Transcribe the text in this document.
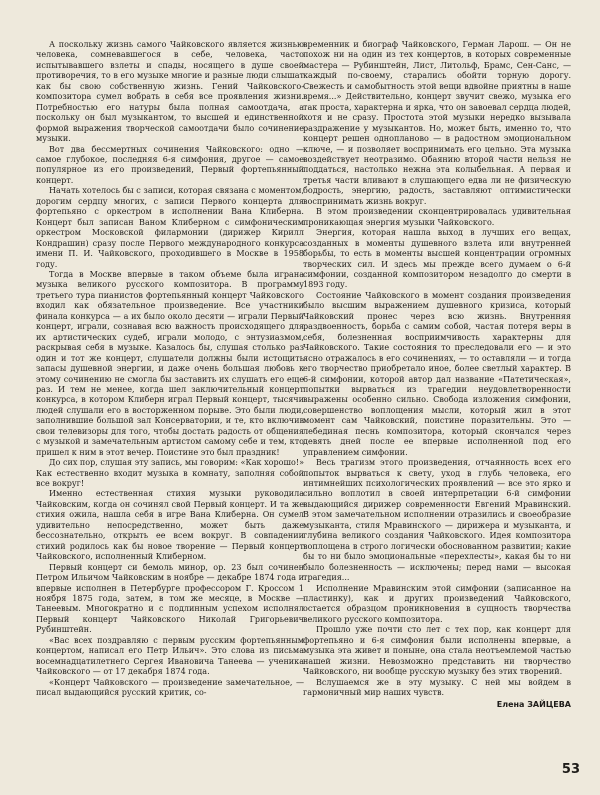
А поскольку жизнь самого Чайковского является жизнью человека, сомневавшегося в себе, человека, часто испытывавшего взлеты и спады, носящего в душе своей противоречия, то в его музыке многие и разные люди слышат как бы свою собственную жизнь. Гений Чайковского-композитора сумел вобрать в себя все проявления жизни. Потребностью его натуры была полная самоотдача, а поскольку он был музыкантом, то высшей и единственной формой выражения творческой самоотдачи было сочинение музыки.

Вот два бессмертных сочинения Чайковского: одно — самое глубокое, последняя 6-я симфония, другое — самое популярное из его произведений, Первый фортепьянный концерт.

Начать хотелось бы с записи, которая связана с моментом, дорогим сердцу многих, с записи Первого концерта для фортепьяно с оркестром в исполнении Вана Клиберна. Концерт был записан Ваном Клиберном с симфоническим оркестром Московской филармонии (дирижер Кирилл Кондрашин) сразу после Первого международного конкурса имени П. И. Чайковского, проходившего в Москве в 1958 году.

Тогда в Москве впервые в таком объеме была играна музыка великого русского композитора. В программу третьего тура пианистов фортепьянный концерт Чайковского входил как обязательное произведение. Все участники финала конкурса — а их было около десяти — играли Первый концерт, играли, сознавая всю важность происходящего для их артистических судеб, играли молодо, с энтузиазмом, раскрывая себя в музыке. Казалось бы, слушая столько раз один и тот же концерт, слушатели должны были истощить запасы душевной энергии, и даже очень большая любовь к этому сочинению не смогла бы заставить их слушать его еще раз. И тем не менее, когда шел заключительный концерт конкурса, в котором Клиберн играл Первый концерт, тысячи людей слушали его в восторженном порыве. Это были люди, заполнившие большой зал Консерватории, и те, кто включив свои телевизоры для того, чтобы достать радость от общения с музыкой и замечательным артистом самому себе и тем, кто пришел к ним в этот вечер. Поистине это был праздник!

До сих пор, слушая эту запись, мы говорим: «Как хорошо!» Как естественно входит музыка в комнату, заполняя собой все вокруг!

Именно естественная стихия музыки руководила Чайковским, когда он сочинял свой Первый концерт. И та же стихия ожила, нашла себя в игре Вана Клиберна. Он сумел удивительно непосредственно, может быть даже бессознательно, открыть ее всем вокруг. В совпадении стихий родилось как бы новое творение — Первый концерт Чайковского, исполненный Клиберном.

Первый концерт си бемоль минор, ор. 23 был сочинен Петром Ильичом Чайковским в ноябре — декабре 1874 года и впервые исполнен в Петербурге профессором Г. Кроссом 1 ноября 1875 года, затем, в том же месяце, в Москве — Танеевым. Многократно и с подлинным успехом исполнял Первый концерт Чайковского Николай Григорьевич Рубинштейн.

«Вас всех поздравляю с первым русским фортепьянным концертом, написал его Петр Ильич». Это слова из письма восемнадцатилетнего Сергея Ивановича Танеева — ученика Чайковского — от 17 декабря 1874 года.

«Концерт Чайковского — произведение замечательное, — писал выдающийся русский критик, со-

временник и биограф Чайковского, Герман Ларош. — Он не похож ни на один из тех концертов, в которых современные мастера — Рубинштейн, Лист, Литольф, Брамс, Сен-Санс, — каждый по-своему, старались обойти торную дорогу. Свежесть и самобытность этой вещи вдвойне приятны в наше время...» Действительно, концерт звучит свежо, музыка его так проста, характерна и ярка, что он завоевал сердца людей, хотя и не сразу. Простота этой музыки нередко вызывала раздражение у музыкантов. Но, может быть, именно то, что концерт решен однопланово — в радостном эмоциональном ключе, — и позволяет воспринимать его цельно. Эта музыка воздействует неотразимо. Обаянию второй части нельзя не поддаться, настолько нежна эта колыбельная. А первая и третья части вливают в слушающего едва ли не физическую бодрость, энергию, радость, заставляют оптимистически воспринимать жизнь вокруг.

В этом произведении сконцентрировалась удивительная проникающая энергия музыки Чайковского.

Энергия, которая нашла выход в лучших его вещах, созданных в моменты душевного взлета или внутренней борьбы, то есть в моменты высшей концентрации огромных творческих сил. И здесь мы прежде всего думаем о 6-й симфонии, созданной композитором незадолго до смерти в 1893 году.

Состояние Чайковского в момент создания произведения было высшим выражением душевного кризиса, который Чайковский пронес через всю жизнь. Внутренняя раздвоенность, борьба с самим собой, частая потеря веры в себя, болезненная восприимчивость характерны для Чайковского. Такие состояния то преследовали его — и это ясно отражалось в его сочинениях, — то оставляли — и тогда его творчество приобретало иное, более светлый характер. В 6-й симфонии, которой автор дал название «Патетическая», попытки вырваться из трагедии неудовлетворенности выражены особенно сильно. Свобода изложения симфонии, совершенство воплощения мысли, который жил в этот момент сам Чайковский, поистине поразительны. Это — лебединая песнь композитора, который скончался через девять дней после ее впервые исполненной под его управлением симфонии.

Весь трагизм этого произведения, отчаянность всех его попыток вырваться к свету, уход в глубь человека, его интимнейших психологических проявлений — все это ярко и сильно воплотил в своей интерпретации 6-й симфонии выдающийся дирижер современности Евгений Мравинский. В этом замечательном исполнении отразились и своеобразие музыканта, стиля Мравинского — дирижера и музыканта, и глубина великого создания Чайковского. Идея композитора воплощена в строго логически обоснованном развитии; какие бы то ни было эмоциональные «перехлесты», какая бы то ни было болезненность — исключены; перед нами — высокая трагедия...

Исполнение Мравинским этой симфонии (записанное на пластинку), как и других произведений Чайковского, остается образцом проникновения в сущность творчества великого русского композитора.

Прошло уже почти сто лет с тех пор, как концерт для фортепьяно и 6-я симфония были исполнены впервые, а музыка эта живет и поныне, она стала неотъемлемой частью нашей жизни. Невозможно представить ни творчество Чайковского, ни вообще русскую музыку без этих творений.

Вслушаемся же в эту музыку. С ней мы войдем в гармоничный мир наших чувств.

Елена ЗАЙЦЕВА
53
